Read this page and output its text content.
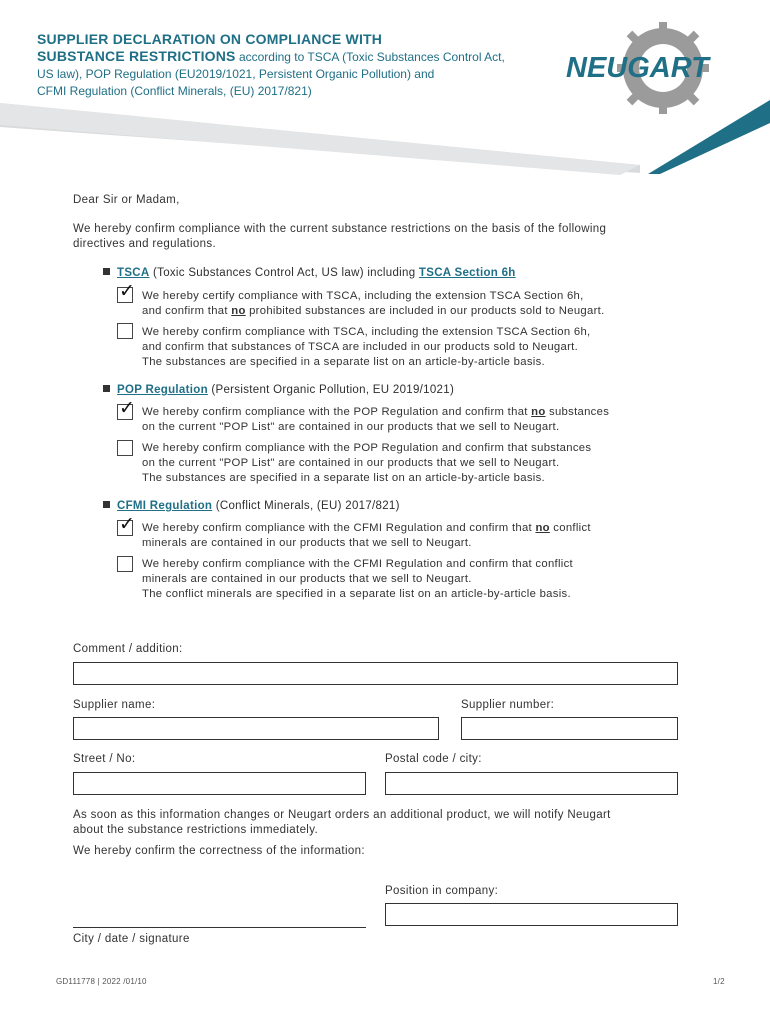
NEUGART
SUPPLIER DECLARATION ON COMPLIANCE WITH
SUBSTANCE RESTRICTIONS according to TSCA (Toxic Substances Control Act,
US law), POP Regulation (EU2019/1021, Persistent Organic Pollution) and
CFMI Regulation (Conflict Minerals, (EU) 2017/821)
Dear Sir or Madam,
We hereby confirm compliance with the current substance restrictions on the basis of the following
directives and regulations.
TSCA (Toxic Substances Control Act, US law) including TSCA Section 6h
✓ We hereby certify compliance with TSCA, including the extension TSCA Section 6h,
and confirm that no prohibited substances are included in our products sold to Neugart.
We hereby confirm compliance with TSCA, including the extension TSCA Section 6h,
and confirm that substances of TSCA are included in our products sold to Neugart.
The substances are specified in a separate list on an article-by-article basis.
POP Regulation (Persistent Organic Pollution, EU 2019/1021)
✓ We hereby confirm compliance with the POP Regulation and confirm that no substances
on the current "POP List" are contained in our products that we sell to Neugart.
We hereby confirm compliance with the POP Regulation and confirm that substances
on the current "POP List" are contained in our products that we sell to Neugart.
The substances are specified in a separate list on an article-by-article basis.
CFMI Regulation (Conflict Minerals, (EU) 2017/821)
✓ We hereby confirm compliance with the CFMI Regulation and confirm that no conflict
minerals are contained in our products that we sell to Neugart.
We hereby confirm compliance with the CFMI Regulation and confirm that conflict
minerals are contained in our products that we sell to Neugart.
The conflict minerals are specified in a separate list on an article-by-article basis.
Comment / addition:
Supplier name:	Supplier number:
Street / No:	Postal code / city:
As soon as this information changes or Neugart orders an additional product, we will notify Neugart
about the substance restrictions immediately.
We hereby confirm the correctness of the information:
Position in company:
City / date / signature
GD111778 | 2022 /01/10	1/2
